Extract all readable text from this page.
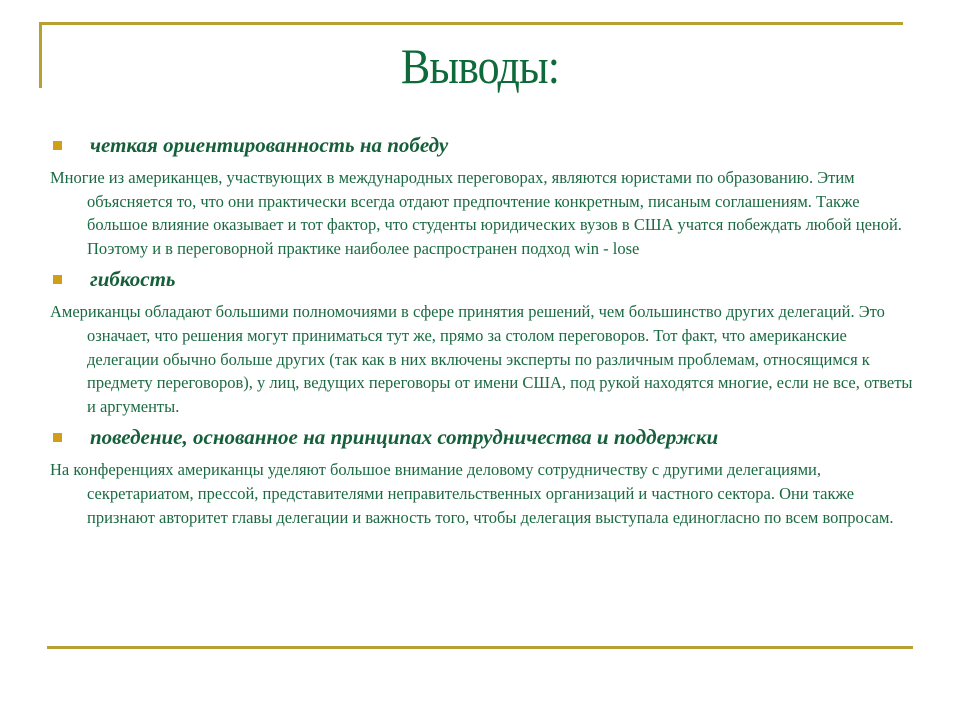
Выводы:
четкая ориентированность на победу
Многие из американцев, участвующих в международных переговорах, являются юристами по образованию. Этим объясняется то, что они практически всегда отдают предпочтение конкретным, писаным соглашениям. Также большое влияние оказывает и тот фактор, что студенты юридических вузов в США учатся побеждать любой ценой. Поэтому и в переговорной практике наиболее распространен подход win - lose
гибкость
Американцы обладают большими полномочиями в сфере принятия решений, чем большинство других делегаций. Это означает, что решения могут приниматься тут же, прямо за столом переговоров. Тот факт, что американские делегации обычно больше других (так как в них включены эксперты по различным проблемам, относящимся к предмету переговоров), у лиц, ведущих переговоры от имени США, под рукой находятся многие, если не все, ответы и аргументы.
поведение, основанное на принципах сотрудничества и поддержки
На конференциях американцы уделяют большое внимание деловому сотрудничеству с другими делегациями, секретариатом, прессой, представителями неправительственных организаций и частного сектора. Они также признают авторитет главы делегации и важность того, чтобы делегация выступала единогласно по всем вопросам.
